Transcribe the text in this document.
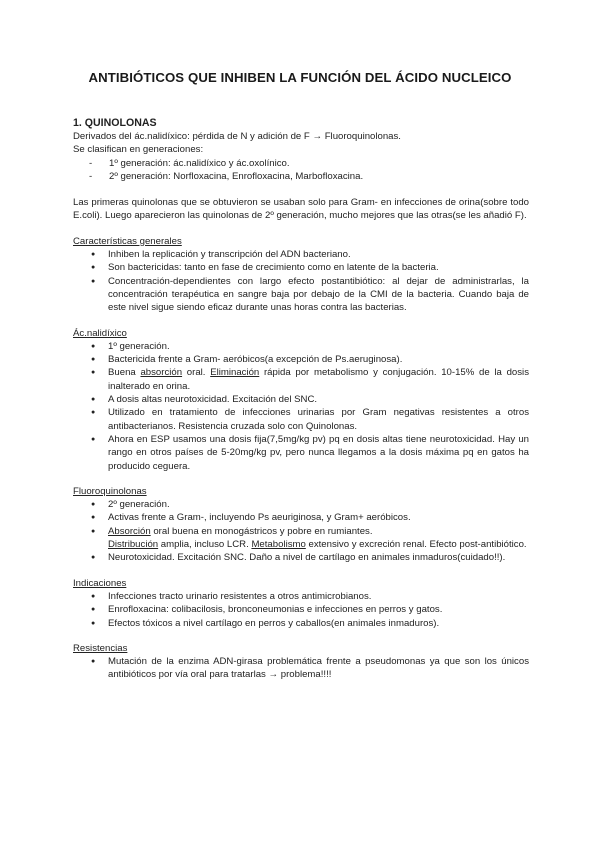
ANTIBIÓTICOS QUE INHIBEN LA FUNCIÓN DEL ÁCIDO NUCLEICO

1. QUINOLONAS

Derivados del ác.nalidíxico: pérdida de N y adición de F → Fluoroquinolonas.

Se clasifican en generaciones:

- 1º generación: ác.nalidíxico y ác.oxolínico.
- 2º generación: Norfloxacina, Enrofloxacina, Marbofloxacina.

Las primeras quinolonas que se obtuvieron se usaban solo para Gram- en infecciones de orina(sobre todo E.coli). Luego aparecieron las quinolonas de 2º generación, mucho mejores que las otras(se les añadió F).

Características generales

● Inhiben la replicación y transcripción del ADN bacteriano.
● Son bactericidas: tanto en fase de crecimiento como en latente de la bacteria.
● Concentración-dependientes con largo efecto postantibiótico: al dejar de administrarlas, la concentración terapéutica en sangre baja por debajo de la CMI de la bacteria. Cuando baja de este nivel sigue siendo eficaz durante unas horas contra las bacterias.

Ác.nalidíxico

● 1º generación.
● Bactericida frente a Gram- aeróbicos(a excepción de Ps.aeruginosa).
● Buena absorción oral. Eliminación rápida por metabolismo y conjugación. 10-15% de la dosis inalterado en orina.
● A dosis altas neurotoxicidad. Excitación del SNC.
● Utilizado en tratamiento de infecciones urinarias por Gram negativas resistentes a otros antibacterianos. Resistencia cruzada solo con Quinolonas.
● Ahora en ESP usamos una dosis fija(7,5mg/kg pv) pq en dosis altas tiene neurotoxicidad. Hay un rango en otros países de 5-20mg/kg pv, pero nunca llegamos a la dosis máxima pq en gatos ha producido ceguera.

Fluoroquinolonas

● 2º generación.
● Activas frente a Gram-, incluyendo Ps aeuriginosa, y Gram+ aeróbicos.
● Absorción oral buena en monogástricos y pobre en rumiantes.
Distribución amplia, incluso LCR. Metabolismo extensivo y excreción renal. Efecto post-antibiótico.
● Neurotoxicidad. Excitación SNC. Daño a nivel de cartílago en animales inmaduros(cuidado!!).

Indicaciones

● Infecciones tracto urinario resistentes a otros antimicrobianos.
● Enrofloxacina: colibacilosis, bronconeumonias e infecciones en perros y gatos.
● Efectos tóxicos a nivel cartílago en perros y caballos(en animales inmaduros).

Resistencias

● Mutación de la enzima ADN-girasa problemática frente a pseudomonas ya que son los únicos antibióticos por vía oral para tratarlas → problema!!!!
